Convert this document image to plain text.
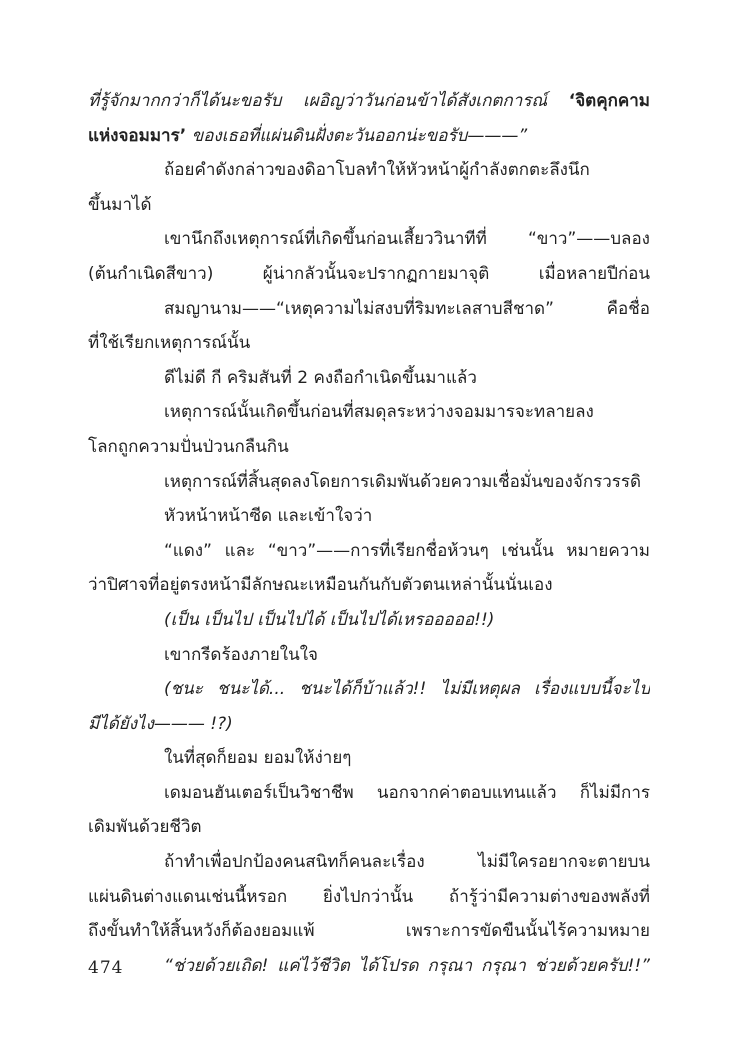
ที่รู้จักมากกว่าก็ได้นะขอรับ เผอิญว่าวันก่อนข้าได้สังเกตการณ์ ‘จิตคุกคาม
แห่งจอมมาร’ ของเธอที่แผ่นดินฝั่งตะวันออกน่ะขอรับ———”
ถ้อยคำดังกล่าวของดิอาโบลทำให้หัวหน้าผู้กำลังตกตะลึงนึก
ขึ้นมาได้
เขานึกถึงเหตุการณ์ที่เกิดขึ้นก่อนเสี้ยววินาทีที่ “ขาว”——บลอง
(ต้นกำเนิดสีขาว) ผู้น่ากลัวนั้นจะปรากฏกายมาจุติ เมื่อหลายปีก่อน
สมญานาม——“เหตุความไม่สงบที่ริมทะเลสาบสีชาด” คือชื่อ
ที่ใช้เรียกเหตุการณ์นั้น
ดีไม่ดี กี คริมสันที่ 2 คงถือกำเนิดขึ้นมาแล้ว
เหตุการณ์นั้นเกิดขึ้นก่อนที่สมดุลระหว่างจอมมารจะทลายลง
โลกถูกความปั่นป่วนกลืนกิน
เหตุการณ์ที่สิ้นสุดลงโดยการเดิมพันด้วยความเชื่อมั่นของจักรวรรดิ
หัวหน้าหน้าซีด และเข้าใจว่า
“แดง” และ “ขาว”——การที่เรียกชื่อห้วนๆ เช่นนั้น หมายความ
ว่าปิศาจที่อยู่ตรงหน้ามีลักษณะเหมือนกันกับตัวตนเหล่านั้นนั่นเอง
(เป็น เป็นไป เป็นไปได้ เป็นไปได้เหรอออออ!!)
เขากรีดร้องภายในใจ
(ชนะ ชนะได้... ชนะได้ก็บ้าแล้ว!! ไม่มีเหตุผล เรื่องแบบนี้จะไป
มีได้ยังไง——— !?)
ในที่สุดก็ยอม ยอมให้ง่ายๆ
เดมอนฮันเตอร์เป็นวิชาชีพ นอกจากค่าตอบแทนแล้ว ก็ไม่มีการ
เดิมพันด้วยชีวิต
ถ้าทำเพื่อปกป้องคนสนิทก็คนละเรื่อง ไม่มีใครอยากจะตายบน
แผ่นดินต่างแดนเช่นนี้หรอก ยิ่งไปกว่านั้น ถ้ารู้ว่ามีความต่างของพลังที่
ถึงขั้นทำให้สิ้นหวังก็ต้องยอมแพ้ เพราะการขัดขืนนั้นไร้ความหมาย
“ช่วยด้วยเถิด! แค่ไว้ชีวิต ได้โปรด กรุณา กรุณา ช่วยด้วยครับ!!”
474
